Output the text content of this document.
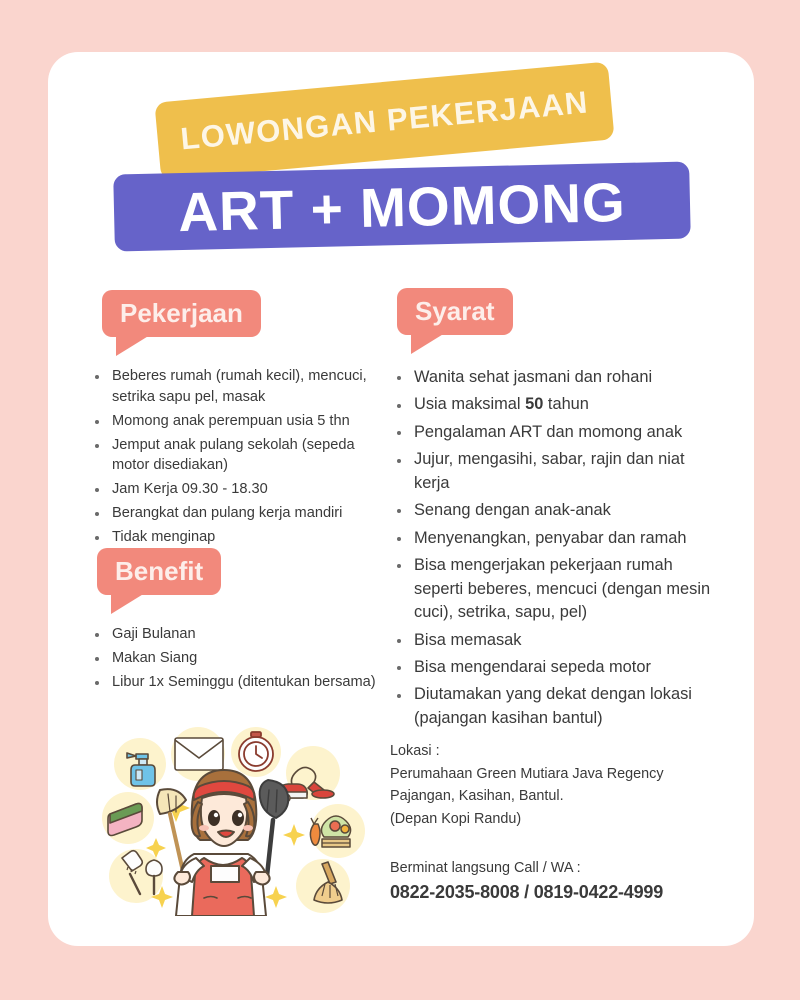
LOWONGAN PEKERJAAN
ART + MOMONG
Pekerjaan	Syarat
Benefit
Beberes rumah (rumah kecil), mencuci, setrika sapu pel, masak
Momong anak perempuan usia 5 thn
Jemput anak pulang sekolah (sepeda motor disediakan)
Jam Kerja 09.30 - 18.30
Berangkat dan pulang kerja mandiri
Tidak menginap
Gaji Bulanan
Makan Siang
Libur 1x Seminggu (ditentukan bersama)
Wanita sehat jasmani dan rohani
Usia maksimal 50 tahun
Pengalaman ART dan momong anak
Jujur, mengasihi, sabar, rajin dan niat kerja
Senang dengan anak-anak
Menyenangkan, penyabar dan ramah
Bisa mengerjakan pekerjaan rumah seperti beberes, mencuci (dengan mesin cuci), setrika, sapu, pel)
Bisa memasak
Bisa mengendarai sepeda motor
Diutamakan yang dekat dengan lokasi (pajangan kasihan bantul)
Lokasi :
Perumahaan Green Mutiara Java Regency
Pajangan, Kasihan, Bantul.
(Depan Kopi Randu)
Berminat langsung Call / WA :
0822-2035-8008 / 0819-0422-4999
